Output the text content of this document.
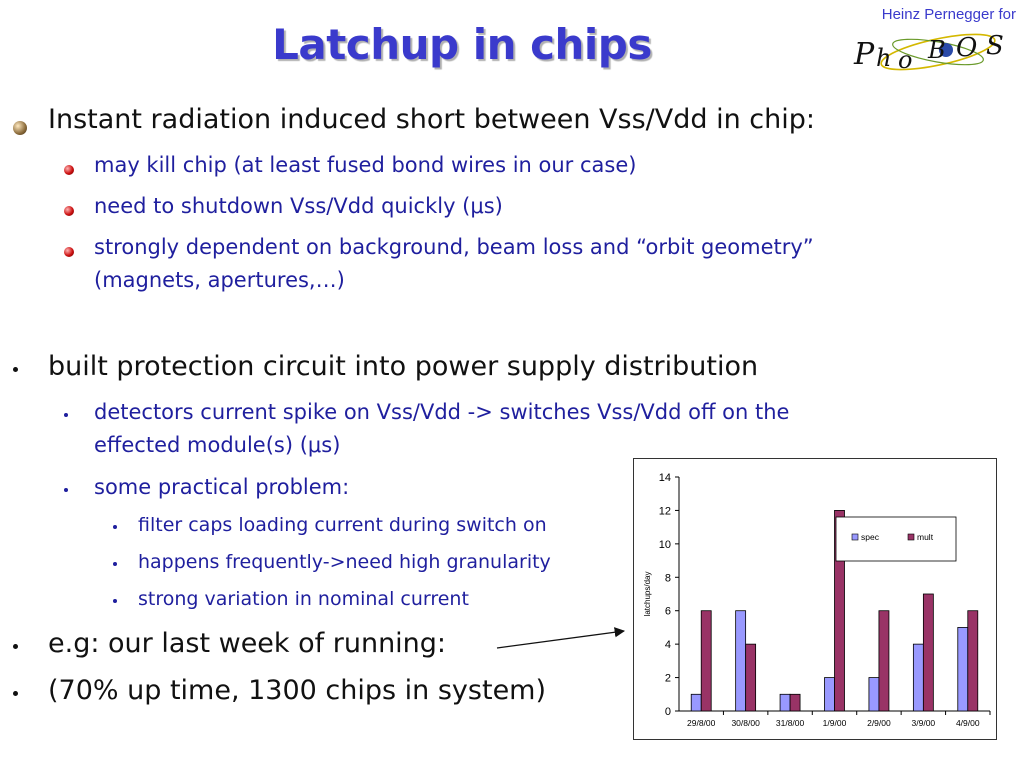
Latchup in chips
Heinz Pernegger for
P h o O S
B
Instant radiation induced short between Vss/Vdd in chip:
may kill chip (at least fused bond wires in our case)
need to shutdown Vss/Vdd quickly (μs)
strongly dependent on background, beam loss and “orbit geometry”
(magnets, apertures,…)
built protection circuit into power supply distribution
detectors current spike on Vss/Vdd -> switches Vss/Vdd off on the
effected module(s) (μs)
some practical problem:
filter caps loading current during switch on
happens frequently->need high granularity
strong variation in nominal current
e.g: our last week of running:
(70% up time, 1300 chips in system)
0
2
4
6
8
10
12
14
latchups/day
29/8/00 30/8/00 31/8/00 1/9/00 2/9/00 3/9/00 4/9/00
spec	mult
